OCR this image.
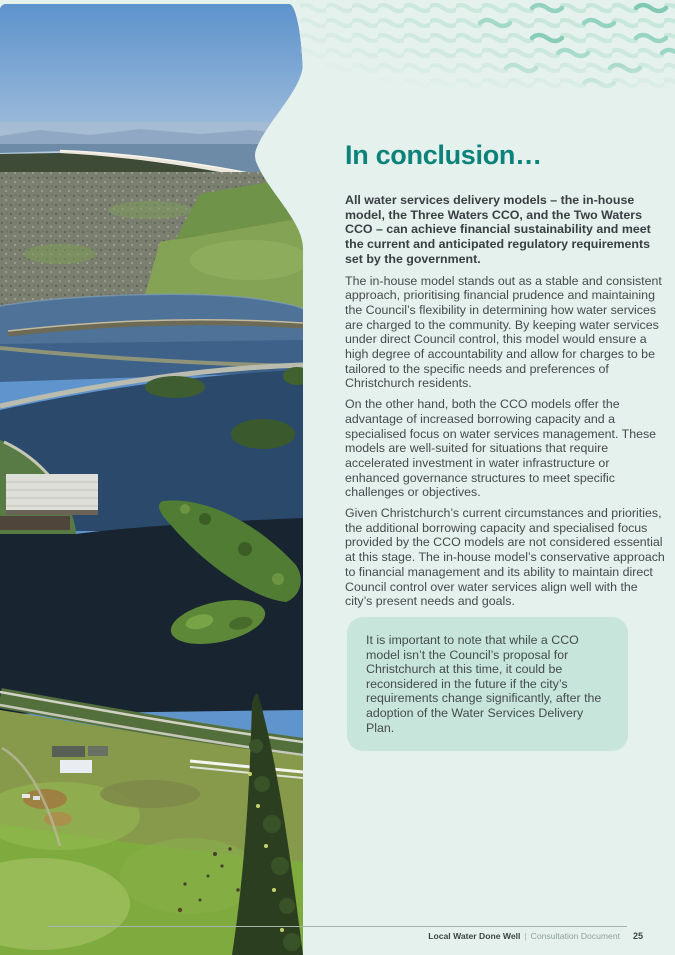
In conclusion…

All water services delivery models – the in-house model, the Three Waters CCO, and the Two Waters CCO – can achieve financial sustainability and meet the current and anticipated regulatory requirements set by the government.

The in-house model stands out as a stable and consistent approach, prioritising financial prudence and maintaining the Council’s flexibility in determining how water services are charged to the community. By keeping water services under direct Council control, this model would ensure a high degree of accountability and allow for charges to be tailored to the specific needs and preferences of Christchurch residents.

On the other hand, both the CCO models offer the advantage of increased borrowing capacity and a specialised focus on water services management. These models are well-suited for situations that require accelerated investment in water infrastructure or enhanced governance structures to meet specific challenges or objectives.

Given Christchurch’s current circumstances and priorities, the additional borrowing capacity and specialised focus provided by the CCO models are not considered essential at this stage. The in-house model’s conservative approach to financial management and its ability to maintain direct Council control over water services align well with the city’s present needs and goals.

It is important to note that while a CCO model isn’t the Council’s proposal for Christchurch at this time, it could be reconsidered in the future if the city’s requirements change significantly, after the adoption of the Water Services Delivery Plan.
Local Water Done Well | Consultation Document 25
